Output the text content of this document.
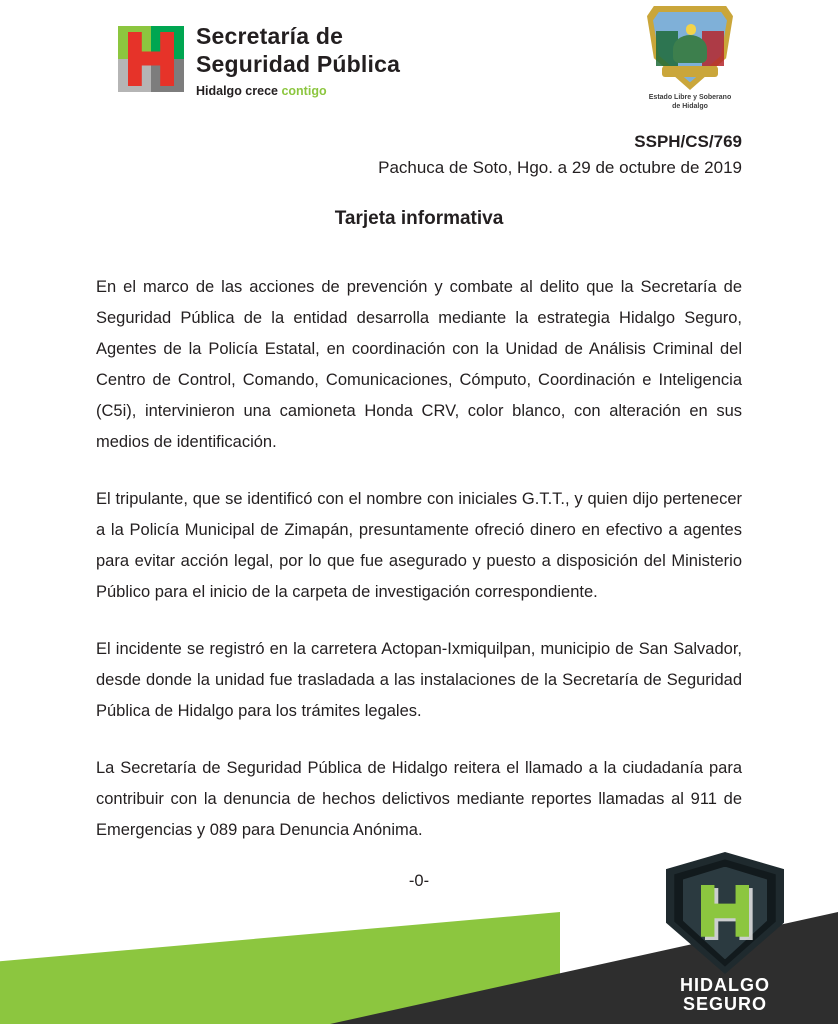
Secretaría de
Seguridad Pública
Hidalgo crece contigo	Estado Libre y Soberano
de Hidalgo
SSPH/CS/769
Pachuca de Soto, Hgo. a 29 de octubre de 2019
Tarjeta informativa

En el marco de las acciones de prevención y combate al delito que la Secretaría de Seguridad Pública de la entidad desarrolla mediante la estrategia Hidalgo Seguro, Agentes de la Policía Estatal, en coordinación con la Unidad de Análisis Criminal del Centro de Control, Comando, Comunicaciones, Cómputo, Coordinación e Inteligencia (C5i), intervinieron una camioneta Honda CRV, color blanco, con alteración en sus medios de identificación.

El tripulante, que se identificó con el nombre con iniciales G.T.T., y quien dijo pertenecer a la Policía Municipal de Zimapán, presuntamente ofreció dinero en efectivo a agentes para evitar acción legal, por lo que fue asegurado y puesto a disposición del Ministerio Público para el inicio de la carpeta de investigación correspondiente.

El incidente se registró en la carretera Actopan-Ixmiquilpan, municipio de San Salvador, desde donde la unidad fue trasladada a las instalaciones de la Secretaría de Seguridad Pública de Hidalgo para los trámites legales.

La Secretaría de Seguridad Pública de Hidalgo reitera el llamado a la ciudadanía para contribuir con la denuncia de hechos delictivos mediante reportes llamadas al 911 de Emergencias y 089 para Denuncia Anónima.

-0-
HIDALGO
SEGURO
